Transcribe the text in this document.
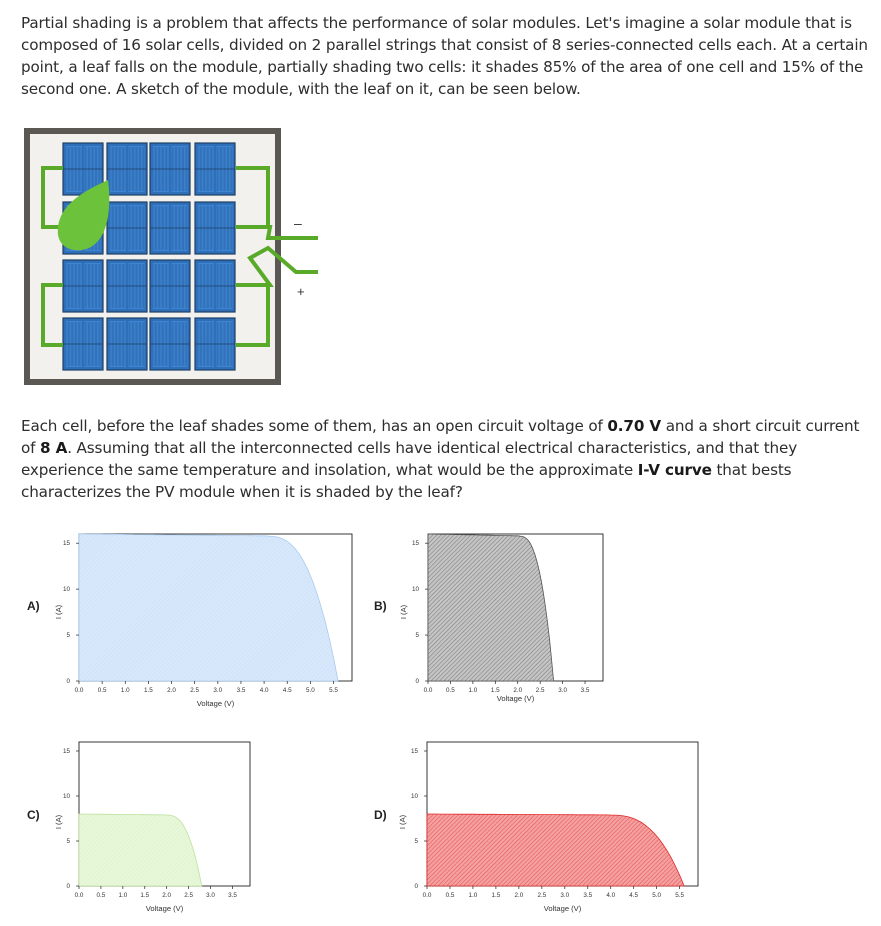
Partial shading is a problem that affects the performance of solar modules. Let's imagine a solar module that is composed of 16 solar cells, divided on 2 parallel strings that consist of 8 series-connected cells each. At a certain point, a leaf falls on the module, partially shading two cells: it shades 85% of the area of one cell and 15% of the second one. A sketch of the module, with the leaf on it, can be seen below.
–
+
Each cell, before the leaf shades some of them, has an open circuit voltage of 0.70 V and a short circuit current of 8 A. Assuming that all the interconnected cells have identical electrical characteristics, and that they experience the same temperature and insolation, what would be the approximate I-V curve that bests characterizes the PV module when it is shaded by the leaf?
A)	B)
C)	D)
0.0 0.5 1.0 1.5 2.0 2.5 3.0 3.5 4.0 4.5 5.0 5.5
0
5
10
15
Voltage (V)
I (A)
0.0 0.5 1.0 1.5 2.0 2.5 3.0 3.5
0
5
10
15
Voltage (V)
I (A)
0.0 0.5 1.0 1.5 2.0 2.5 3.0 3.5
0
5
10
15
Voltage (V)
I (A)
0.0 0.5 1.0 1.5 2.0 2.5 3.0 3.5 4.0 4.5 5.0 5.5
0
5
10
15
Voltage (V)
I (A)
